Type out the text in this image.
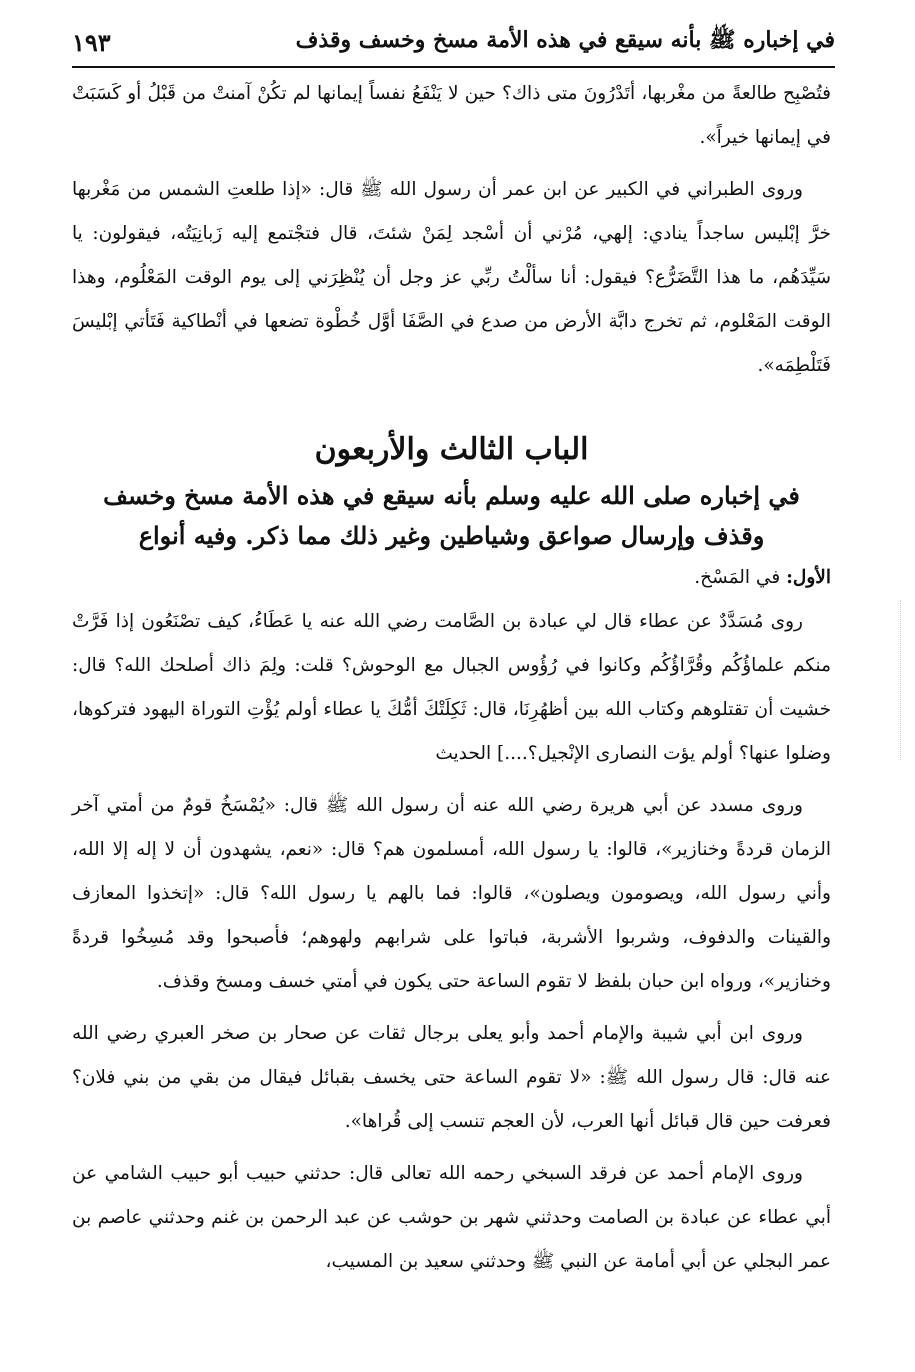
في إخباره ﷺ بأنه سيقع في هذه الأمة مسخ وخسف وقذف
١٩٣

فتُصْبِح طالعةً من مغْربها، أتَدْرُونَ متى ذاك؟ حين لا يَنْفَعُ نفساً إيمانها لم تكُنْ آمنتْ من قَبْلُ أو كَسَبَتْ في إيمانها خيراً».

وروى الطبراني في الكبير عن ابن عمر أن رسول الله ﷺ قال: «إذا طلعتِ الشمس من مَغْربها خرَّ إبْليس ساجداً ينادي: إلهي، مُرْني أن أسْجد لِمَنْ شئتَ، قال فتجْتمع إليه زَبانِيَتُه، فيقولون: يا سَيِّدَهُم، ما هذا التَّضَرُّع؟ فيقول: أنا سألْتُ ربِّي عز وجل أن يُنْظِرَني إلى يوم الوقت المَعْلُوم، وهذا الوقت المَعْلوم، ثم تخرج دابَّة الأرض من صدع في الصَّفَا أوَّل خُطْوة تضعها في أنْطاكية فَتَأتي إبْليسَ فَتَلْطِمَه».

الباب الثالث والأربعون
في إخباره صلى الله عليه وسلم بأنه سيقع في هذه الأمة مسخ وخسف وقذف وإرسال صواعق وشياطين وغير ذلك مما ذكر. وفيه أنواع
الأول: في المَسْخ.

روى مُسَدَّدٌ عن عطاء قال لي عبادة بن الصَّامت رضي الله عنه يا عَطَاءُ، كيف تصْنَعُون إذا فَرَّتْ منكم علماؤُكُم وقُرَّاؤُكُم وكانوا في رُؤُوس الجبال مع الوحوش؟ قلت: ولِمَ ذاك أصلحك الله؟ قال: خشيت أن تقتلوهم وكتاب الله بين أظهُرِنَا، قال: ثَكِلَتْكَ أمُّكَ يا عطاء أولم يُؤْتِ التوراة اليهود فتركوها، وضلوا عنها؟ أولم يؤت النصارى الإنْجيل؟....] الحديث

وروى مسدد عن أبي هريرة رضي الله عنه أن رسول الله ﷺ قال: «يُمْسَخُ قومٌ من أمتي آخر الزمان قردةً وخنازير»، قالوا: يا رسول الله، أمسلمون هم؟ قال: «نعم، يشهدون أن لا إله إلا الله، وأني رسول الله، ويصومون ويصلون»، قالوا: فما بالهم يا رسول الله؟ قال: «إتخذوا المعازف والقينات والدفوف، وشربوا الأشربة، فباتوا على شرابهم ولهوهم؛ فأصبحوا وقد مُسِخُوا قردةً وخنازير»، ورواه ابن حبان بلفظ لا تقوم الساعة حتى يكون في أمتي خسف ومسخ وقذف.

وروى ابن أبي شيبة والإمام أحمد وأبو يعلى برجال ثقات عن صحار بن صخر العبري رضي الله عنه قال: قال رسول الله ﷺ: «لا تقوم الساعة حتى يخسف بقبائل فيقال من بقي من بني فلان؟ فعرفت حين قال قبائل أنها العرب، لأن العجم تنسب إلى قُراها».

وروى الإمام أحمد عن فرقد السبخي رحمه الله تعالى قال: حدثني حبيب أبو حبيب الشامي عن أبي عطاء عن عبادة بن الصامت وحدثني شهر بن حوشب عن عبد الرحمن بن غنم وحدثني عاصم بن عمر البجلي عن أبي أمامة عن النبي ﷺ وحدثني سعيد بن المسيب،
